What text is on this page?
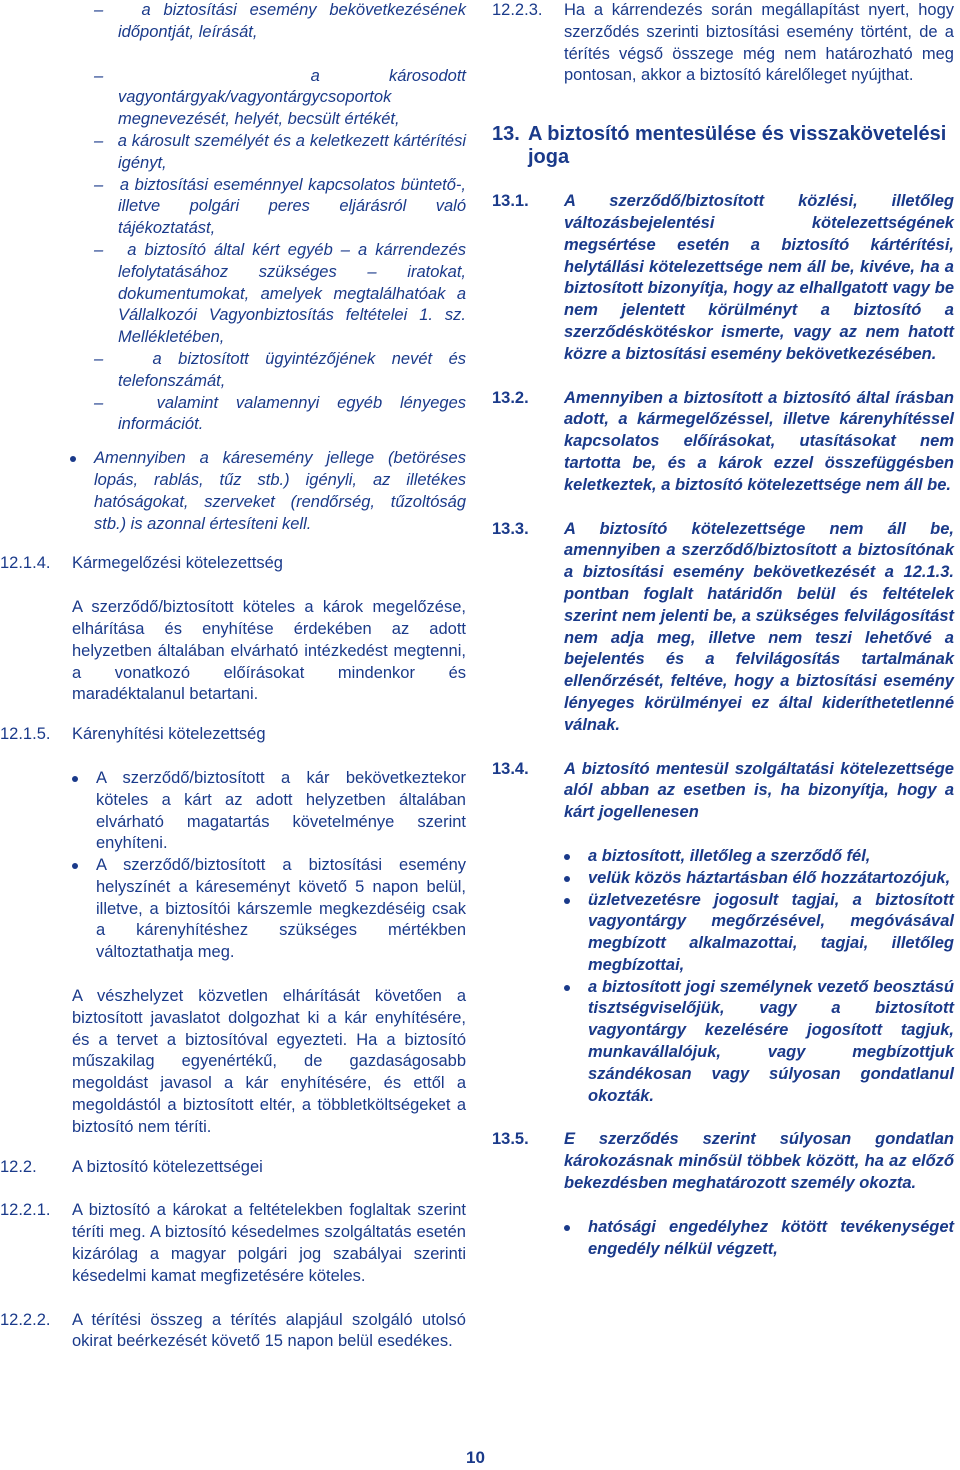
–   a biztosítási esemény bekövetkezésének időpontját, leírását,

–   a károsodott vagyontárgyak/vagyontárgycsoportok megnevezését, helyét, becsült értékét,

–   a károsult személyét és a keletkezett kártérítési igényt,

–   a biztosítási eseménnyel kapcsolatos büntető-, illetve polgári peres eljárásról való tájékoztatást,

–   a biztosító által kért egyéb – a kárrendezés lefolytatásához szükséges – iratokat, dokumentumokat, amelyek megtalálhatóak a Vállalkozói Vagyonbiztosítás feltételei 1. sz. Mellékletében,

–   a biztosított ügyintézőjének nevét és telefonszámát,

–   valamint valamennyi egyéb lényeges információt.

Amennyiben a káresemény jellege (betöréses lopás, rablás, tűz stb.) igényli, az illetékes hatóságokat, szerveket (rendőrség, tűzoltóság stb.) is azonnal értesíteni kell.
12.1.4. Kármegelőzési kötelezettség

A szerződő/biztosított köteles a károk megelőzése, elhárítása és enyhítése érdekében az adott helyzetben általában elvárható intézkedést megtenni, a vonatkozó előírásokat mindenkor és maradéktalanul betartani.

12.1.5. Kárenyhítési kötelezettség
A szerződő/biztosított a kár bekövetkeztekor köteles a kárt az adott helyzetben általában elvárható magatartás követelménye szerint enyhíteni.
A szerződő/biztosított a biztosítási esemény helyszínét a káreseményt követő 5 napon belül, illetve, a biztosítói kárszemle megkezdéséig csak a kárenyhítéshez szükséges mértékben változtathatja meg.

A vészhelyzet közvetlen elhárítását követően a biztosított javaslatot dolgozhat ki a kár enyhítésére, és a tervet a biztosítóval egyezteti. Ha a biztosító műszakilag egyenértékű, de gazdaságosabb megoldást javasol a kár enyhítésére, és ettől a megoldástól a biztosított eltér, a többletköltségeket a biztosító nem téríti.

12.2. A biztosító kötelezettségei
12.2.1. A biztosító a károkat a feltételekben foglaltak szerint téríti meg. A biztosító késedelmes szolgáltatás esetén kizárólag a magyar polgári jog szabályai szerinti késedelmi kamat megfizetésére köteles.
12.2.2. A térítési összeg a térítés alapjául szolgáló utolsó okirat beérkezését követő 15 napon belül esedékes.
12.2.3. Ha a kárrendezés során megállapítást nyert, hogy szerződés szerinti biztosítási esemény történt, de a térítés végső összege még nem határozható meg pontosan, akkor a biztosító kárelőleget nyújthat.
13. A biztosító mentesülése és visszakövetelési joga
13.1. A szerződő/biztosított közlési, illetőleg változásbejelentési kötelezettségének megsértése esetén a biztosító kártérítési, helytállási kötelezettsége nem áll be, kivéve, ha a biztosított bizonyítja, hogy az elhallgatott vagy be nem jelentett körülményt a biztosító a szerződéskötéskor ismerte, vagy az nem hatott közre a biztosítási esemény bekövetkezésében.
13.2. Amennyiben a biztosított a biztosító által írásban adott, a kármegelőzéssel, illetve kárenyhítéssel kapcsolatos előírásokat, utasításokat nem tartotta be, és a károk ezzel összefüggésben keletkeztek, a biztosító kötelezettsége nem áll be.
13.3. A biztosító kötelezettsége nem áll be, amennyiben a szerződő/biztosított a biztosítónak a biztosítási esemény bekövetkezését a 12.1.3. pontban foglalt határidőn belül és feltételek szerint nem jelenti be, a szükséges felvilágosítást nem adja meg, illetve nem teszi lehetővé a bejelentés és a felvilágosítás tartalmának ellenőrzését, feltéve, hogy a biztosítási esemény lényeges körülményei ez által kideríthetetlenné válnak.
13.4. A biztosító mentesül szolgáltatási kötelezettsége alól abban az esetben is, ha bizonyítja, hogy a kárt jogellenesen
a biztosított, illetőleg a szerződő fél,
velük közös háztartásban élő hozzátartozójuk,
üzletvezetésre jogosult tagjai, a biztosított vagyontárgy megőrzésével, megóvásával megbízott alkalmazottai, tagjai, illetőleg megbízottai,
a biztosított jogi személynek vezető beosztású tisztségviselőjük, vagy a biztosított vagyontárgy kezelésére jogosított tagjuk, munkavállalójuk, vagy megbízottjuk szándékosan vagy súlyosan gondatlanul okozták.
13.5. E szerződés szerint súlyosan gondatlan károkozásnak minősül többek között, ha az előző bekezdésben meghatározott személy okozta.
hatósági engedélyhez kötött tevékenységet engedély nélkül végzett,
10
